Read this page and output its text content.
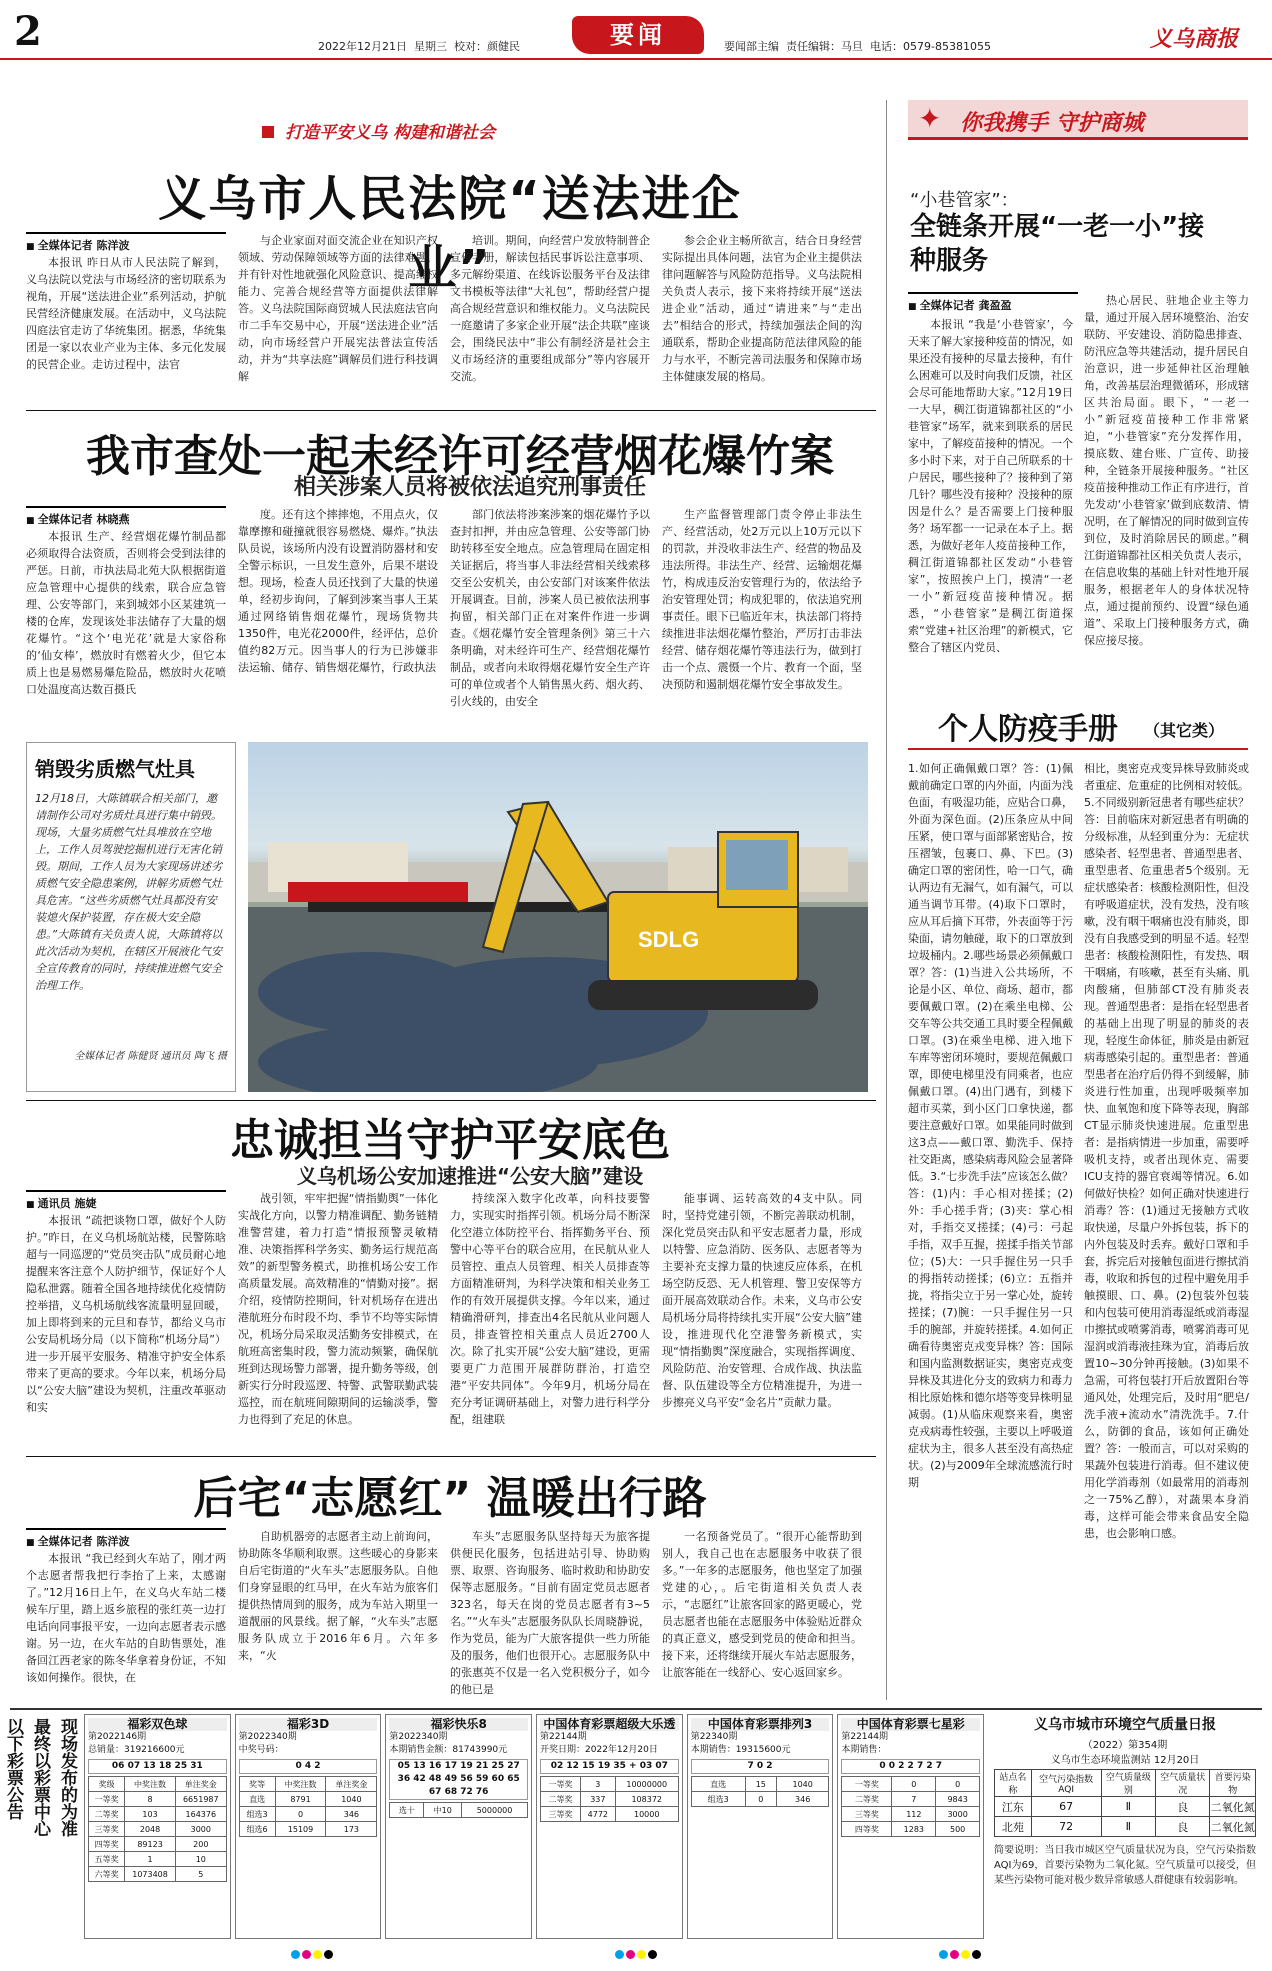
2	2022年12月21日 星期三 校对：颜健民	要闻	要闻部主编 责任编辑：马旦 电话：0579-85381055	义乌商报
打造平安义乌 构建和谐社会
义乌市人民法院“送法进企业”
■ 全媒体记者 陈洋波

本报讯 昨日从市人民法院了解到，义乌法院以党法与市场经济的密切联系为视角，开展“送法进企业”系列活动，护航民营经济健康发展。在活动中，义乌法院四庭法官走访了华统集团。据悉，华统集团是一家以农业产业为主体、多元化发展的民营企业。走访过程中，法官

与企业家面对面交流企业在知识产权领域、劳动保障领域等方面的法律难题，并有针对性地就强化风险意识、提高维权能力、完善合规经营等方面提供法律解答。义乌法院国际商贸城人民法庭法官向市二手车交易中心，开展“送法进企业”活动，向市场经营户开展宪法普法宣传活动，并为“共享法庭”调解员们进行科技调解

培训。期间，向经营户发放特制普企宣传手册，解读包括民事诉讼注意事项、多元解纷渠道、在线诉讼服务平台及法律文书模板等法律“大礼包”，帮助经营户提高合规经营意识和维权能力。义乌法院民一庭邀请了多家企业开展“法企共联”座谈会，围绕民法中“非公有制经济是社会主义市场经济的重要组成部分”等内容展开交流。

参会企业主畅所欲言，结合日身经营实际提出具体问题，法官为企业主提供法律问题解答与风险防范指导。义乌法院相关负责人表示，接下来将持续开展“送法进企业”活动，通过“请进来”与“走出去”相结合的形式，持续加强法企间的沟通联系，帮助企业提高防范法律风险的能力与水平，不断完善司法服务和保障市场主体健康发展的格局。

我市查处一起未经许可经营烟花爆竹案
相关涉案人员将被依法追究刑事责任
■ 全媒体记者 林晓燕

本报讯 生产、经营烟花爆竹制品都必须取得合法资质，否则将会受到法律的严惩。日前，市执法局北苑大队根据街道应急管理中心提供的线索，联合应急管理、公安等部门，来到城郊小区某建筑一楼的仓库，发现该处非法储存了大量的烟花爆竹。“这个‘电光花’就是大家俗称的‘仙女棒’，燃放时有燃着火少，但它本质上也是易燃易爆危险品，燃放时火花喷口处温度高达数百摄氏

度。还有这个摔摔炮，不用点火，仅靠摩擦和碰撞就很容易燃烧、爆炸。”执法队员说，该场所内没有设置消防器材和安全警示标识，一旦发生意外，后果不堪设想。现场，检查人员还找到了大量的快递单，经初步询问，了解到涉案当事人王某通过网络销售烟花爆竹，现场货物共1350件，电光花2000件，经评估，总价值约82万元。因当事人的行为已涉嫌非法运输、储存、销售烟花爆竹，行政执法

部门依法将涉案涉案的烟花爆竹予以查封扣押，并由应急管理、公安等部门协助转移至安全地点。应急管理局在固定相关证据后，将当事人非法经营相关线索移交至公安机关，由公安部门对该案件依法开展调查。目前，涉案人员已被依法刑事拘留，相关部门正在对案件作进一步调查。《烟花爆竹安全管理条例》第三十六条明确，对未经许可生产、经营烟花爆竹制品，或者向未取得烟花爆竹安全生产许可的单位或者个人销售黑火药、烟火药、引火线的，由安全

生产监督管理部门责令停止非法生产、经营活动，处2万元以上10万元以下的罚款，并没收非法生产、经营的物品及违法所得。非法生产、经营、运输烟花爆竹，构成违反治安管理行为的，依法给予治安管理处罚；构成犯罪的，依法追究刑事责任。眼下已临近年末，执法部门将持续推进非法烟花爆竹整治，严厉打击非法经营、储存烟花爆竹等违法行为，做到打击一个点、震慑一个片、教育一个面，坚决预防和遏制烟花爆竹安全事故发生。

销毁劣质燃气灶具
12月18日，大陈镇联合相关部门，邀请制作公司对劣质灶具进行集中销毁。现场，大量劣质燃气灶具堆放在空地上，工作人员驾驶挖掘机进行无害化销毁。期间，工作人员为大家现场讲述劣质燃气安全隐患案例，讲解劣质燃气灶具危害。“这些劣质燃气灶具都没有安装熄火保护装置，存在极大安全隐患。”大陈镇有关负责人说，大陈镇将以此次活动为契机，在辖区开展液化气安全宣传教育的同时，持续推进燃气安全治理工作。
全媒体记者 陈健贤 通讯员 陶飞 摄
SDLG
忠诚担当守护平安底色
义乌机场公安加速推进“公安大脑”建设
■ 通讯员 施婕

本报讯 “疏把谈物口罩，做好个人防护。”昨日，在义乌机场航站楼，民警陈晗超与一同巡逻的“党员突击队”成员耐心地提醒来客注意个人防护细节，保证好个人隐私泄露。随着全国各地持续优化疫情防控举措，义乌机场航线客流量明显回暖，加上即将到来的元旦和春节，都给义乌市公安局机场分局（以下简称“机场分局”）进一步开展平安服务、精准守护安全体系带来了更高的要求。今年以来，机场分局以“公安大脑”建设为契机，注重改革驱动和实

战引领，牢牢把握“情指勤舆”一体化实战化方向，以警力精准调配、勤务链精准警营建，着力打造“情报预警灵敏精准、决策指挥科学务实、勤务运行规范高效”的新型警务模式，助推机场公安工作高质量发展。高效精准的“情勤对接”。据介绍，疫情防控期间，针对机场存在进出港航班分布时段不均、季节不均等实际情况，机场分局采取灵活勤务安排模式，在航班高密集时段，警力流动频繁，确保航班到达现场警力部署，提升勤务等级，创新实行分时段巡逻、特警、武警联勤武装巡控，而在航班间隙期间的运输淡季，警力也得到了充足的休息。

持续深入数字化改革，向科技要警力，实现实时指挥引领。机场分局不断深化空港立体防控平台、指挥勤务平台、预警中心等平台的联合应用，在民航从业人员管控、重点人员管理、相关人员排查等方面精准研判，为科学决策和相关业务工作的有效开展提供支撑。今年以来，通过精确滑研判，排查出4名民航从业问题人员，排查管控相关重点人员近2700人次。除了扎实开展“公安大脑”建设，更需要更广力范围开展群防群治，打造空港“平安共同体”。今年9月，机场分局在充分考证调研基础上，对警力进行科学分配，组建联

能事调、运转高效的4支中队。同时，坚持党建引领，不断完善联动机制，深化党员突击队和平安志愿者力量，形成以特警、应急消防、医务队、志愿者等为主要补充支撑力量的快速反应体系，在机场空防反恐、无人机管理、警卫安保等方面开展高效联动合作。未来，义乌市公安局机场分局将持续扎实开展“公安大脑”建设，推进现代化空港警务新模式，实现“情指勤舆”深度融合，实现指挥调度、风险防范、治安管理、合成作战、执法监督、队伍建设等全方位精准提升，为进一步擦亮义乌平安“金名片”贡献力量。

后宅“志愿红” 温暖出行路
■ 全媒体记者 陈洋波

本报讯 “我已经到火车站了，刚才两个志愿者帮我把行李抬了上来，太感谢了。”12月16日上午，在义乌火车站二楼候车厅里，踏上返乡旅程的张红英一边打电话向同事报平安，一边向志愿者表示感谢。另一边，在火车站的自助售票处，准备回江西老家的陈冬华拿着身份证，不知该如何操作。很快，在

自助机器旁的志愿者主动上前询问，协助陈冬华顺利取票。这些暖心的身影来自后宅街道的“火车头”志愿服务队。自他们身穿显眼的红马甲，在火车站为旅客们提供热情周到的服务，成为车站入期里一道靓丽的风景线。据了解，“火车头”志愿服务队成立于2016年6月。六年多来，“火

车头”志愿服务队坚持每天为旅客提供便民化服务，包括进站引导、协助购票、取票、咨询服务、临时救助和协助安保等志愿服务。“目前有固定党员志愿者323名，每天在岗的党员志愿者有3~5名。”“火车头”志愿服务队队长周晓静说，作为党员，能为广大旅客提供一些力所能及的服务，他们也很开心。志愿服务队中的张惠英不仅是一名入党积极分子，如今的他已是

一名预备党员了。“很开心能帮助到别人，我自己也在志愿服务中收获了很多。”一年多的志愿服务，他也坚定了加强党建的心，。后宅街道相关负责人表示，“志愿红”让旅客回家的路更暖心，党员志愿者也能在志愿服务中体验贴近群众的真正意义，感受到党员的使命和担当。接下来，还将继续开展火车站志愿服务，让旅客能在一线舒心、安心返回家乡。

✦ 你我携手 守护商城
“小巷管家”：
全链条开展“一老一小”接种服务
■ 全媒体记者 龚盈盈

本报讯 “我是‘小巷管家’，今天来了解大家接种疫苗的情况，如果还没有接种的尽量去接种，有什么困难可以及时向我们反馈，社区会尽可能地帮助大家。”12月19日一大早，稠江街道锦都社区的“小巷管家”场军，就来到联系的居民家中，了解疫苗接种的情况。一个多小时下来，对于自己所联系的十户居民，哪些接种了？接种到了第几针？哪些没有接种？没接种的原因是什么？是否需要上门接种服务？场军都一一记录在本子上。据悉，为做好老年人疫苗接种工作，稠江街道锦都社区发动“小巷管家”，按照挨户上门，摸清“一老一小”新冠疫苗接种情况。据悉，“小巷管家”是稠江街道探索“党建+社区治理”的新模式，它整合了辖区内党员、

热心居民、驻地企业主等力量，通过开展入居环境整治、治安联防、平安建设、消防隐患排查、防汛应急等共建活动，提升居民自治意识，进一步延伸社区治理触角，改善基层治理微循环，形成辖区共治局面。眼下，“一老一小”新冠疫苗接种工作非常紧迫，“小巷管家”充分发挥作用，摸底数、建台账、广宣传、助接种，全链条开展接种服务。“社区疫苗接种推动工作正有序进行，首先发动‘小巷管家’做到底数清、情况明，在了解情况的同时做到宣传到位，及时消除居民的顾虑。”稠江街道锦都社区相关负责人表示，在信息收集的基础上针对性地开展服务，根据老年人的身体状况特点，通过提前预约、设置“绿色通道”、采取上门接种服务方式，确保应接尽接。

个人防疫手册 （其它类）

1.如何正确佩戴口罩？答：(1)佩戴前确定口罩的内外面，内面为浅色面，有吸湿功能，应贴合口鼻，外面为深色面。(2)压条应从中间压紧，使口罩与面部紧密贴合，按压褶皱，包裹口、鼻、下巴。(3)确定口罩的密闭性，哈一口气，确认两边有无漏气，如有漏气，可以通当调节耳带。(4)取下口罩时，应从耳后摘下耳带，外表面等于污染面，请勿触碰，取下的口罩放到垃圾桶内。2.哪些场景必须佩戴口罩？答：(1)当进入公共场所，不论是小区、单位、商场、超市，都要佩戴口罩。(2)在乘坐电梯、公交车等公共交通工具时要全程佩戴口罩。(3)在乘坐电梯、进入地下车库等密闭环境时，要规范佩戴口罩，即使电梯里没有同乘者，也应佩戴口罩。(4)出门遇有，到楼下超市买菜，到小区门口拿快递，都要注意戴好口罩。如果能同时做到这3点——戴口罩、勤洗手、保持社交距离，感染病毒风险会显著降低。3.“七步洗手法”应该怎么做？答：(1)内：手心相对搓揉；(2)外：手心搓手背；(3)夹：掌心相对，手指交叉搓揉；(4)弓：弓起手指，双手互握，搓揉手指关节部位；(5)大：一只手握住另一只手的拇指转动搓揉；(6)立：五指并拢，将指尖立于另一掌心处，旋转搓揉；(7)腕：一只手握住另一只手的腕部，并旋转搓揉。4.如何正确看待奥密克戎变异株？答：国际和国内监测数据证实，奥密克戎变异株及其进化分支的致病力和毒力相比原始株和德尔塔等变异株明显减弱。(1)从临床观察来看，奥密克戎病毒性较强，主要以上呼吸道症状为主，很多人甚至没有高热症状。(2)与2009年全球流感流行时期

相比，奥密克戎变异株导致肺炎或者重症、危重症的比例相对较低。5.不同级别新冠患者有哪些症状？答：目前临床对新冠患者有明确的分级标准，从轻到重分为：无症状感染者、轻型患者、普通型患者、重型患者、危重患者5个级别。无症状感染者：核酸检测阳性，但没有呼吸道症状，没有发热，没有咳嗽，没有咽干咽痛也没有肺炎，即没有自我感受到的明显不适。轻型患者：核酸检测阳性，有发热、咽干咽痛，有咳嗽，甚至有头痛、肌肉酸痛，但肺部CT没有肺炎表现。普通型患者：是指在轻型患者的基础上出现了明显的肺炎的表现，轻度生命体征，肺炎是由新冠病毒感染引起的。重型患者：普通型患者在治疗后仍得不到缓解，肺炎进行性加重，出现呼吸频率加快、血氧饱和度下降等表现，胸部CT显示肺炎快速进展。危重型患者：是指病情进一步加重，需要呼吸机支持，或者出现休克、需要ICU支持的器官衰竭等情况。6.如何做好快检？如何正确对快速进行消毒？答：(1)通过无接触方式收取快递，尽量户外拆包装，拆下的内外包装及时丢弃。戴好口罩和手套，拆完后对接触包面进行擦拭消毒，收取和拆包的过程中避免用手触摸眼、口、鼻。(2)包装外包装和内包装可使用消毒湿纸或消毒湿巾擦拭或喷雾消毒，喷雾消毒可见湿润或消毒液挂珠为宜，消毒后放置10~30分钟再接触。(3)如果不急需，可将包装打开后放置阳台等通风处，处理完后，及时用“肥皂/洗手液+流动水”清洗洗手。7.什么，防御的食品，该如何正确处置？答：一般而言，可以对采购的果蔬外包装进行消毒。但不建议使用化学消毒剂（如最常用的消毒剂之一75%乙醇），对蔬果本身消毒，这样可能会带来食品安全隐患，也会影响口感。

现场发布的为准
最终以彩票中心
以下彩票公告	福彩双色球
第2022146期
总销量：319216600元
06 07 13 18 25 31
奖级	中奖注数	单注奖金
一等奖	8	6651987
二等奖	103	164376
三等奖	2048	3000
四等奖	89123	200
五等奖	1	10
六等奖	1073408	5
福彩3D
第2022340期
中奖号码：
0 4 2
奖等	中奖注数	单注奖金
直选	8791	1040
组选3	0	346
组选6	15109	173
福彩快乐8
第2022340期
本期销售金额：81743990元
05 13 16 17 19 21 25 27 36 42 48 49 56 59 60 65 67 68 72 76
选十	中10	5000000
中国体育彩票超级大乐透
第22144期
开奖日期：2022年12月20日
02 12 15 19 35 + 03 07
一等奖	3	10000000
二等奖	337	108372
三等奖	4772	10000
中国体育彩票排列3
第22340期
本期销售：19315600元
7 0 2
直选	15	1040
组选3	0	346
中国体育彩票七星彩
第22144期
本期销售：
0 0 2 2 7 2 7
一等奖	0	0
二等奖	7	9843
三等奖	112	3000
四等奖	1283	500
义乌市城市环境空气质量日报
（2022）第354期
义乌市生态环境监测站 12月20日
站点名称	空气污染指数AQI	空气质量级别	空气质量状况	首要污染物
江东	67	Ⅱ	良	二氧化氮
北苑	72	Ⅱ	良	二氧化氮
简要说明：当日我市城区空气质量状况为良，空气污染指数AQI为69，首要污染物为二氧化氮。空气质量可以接受，但某些污染物可能对极少数异常敏感人群健康有较弱影响。
